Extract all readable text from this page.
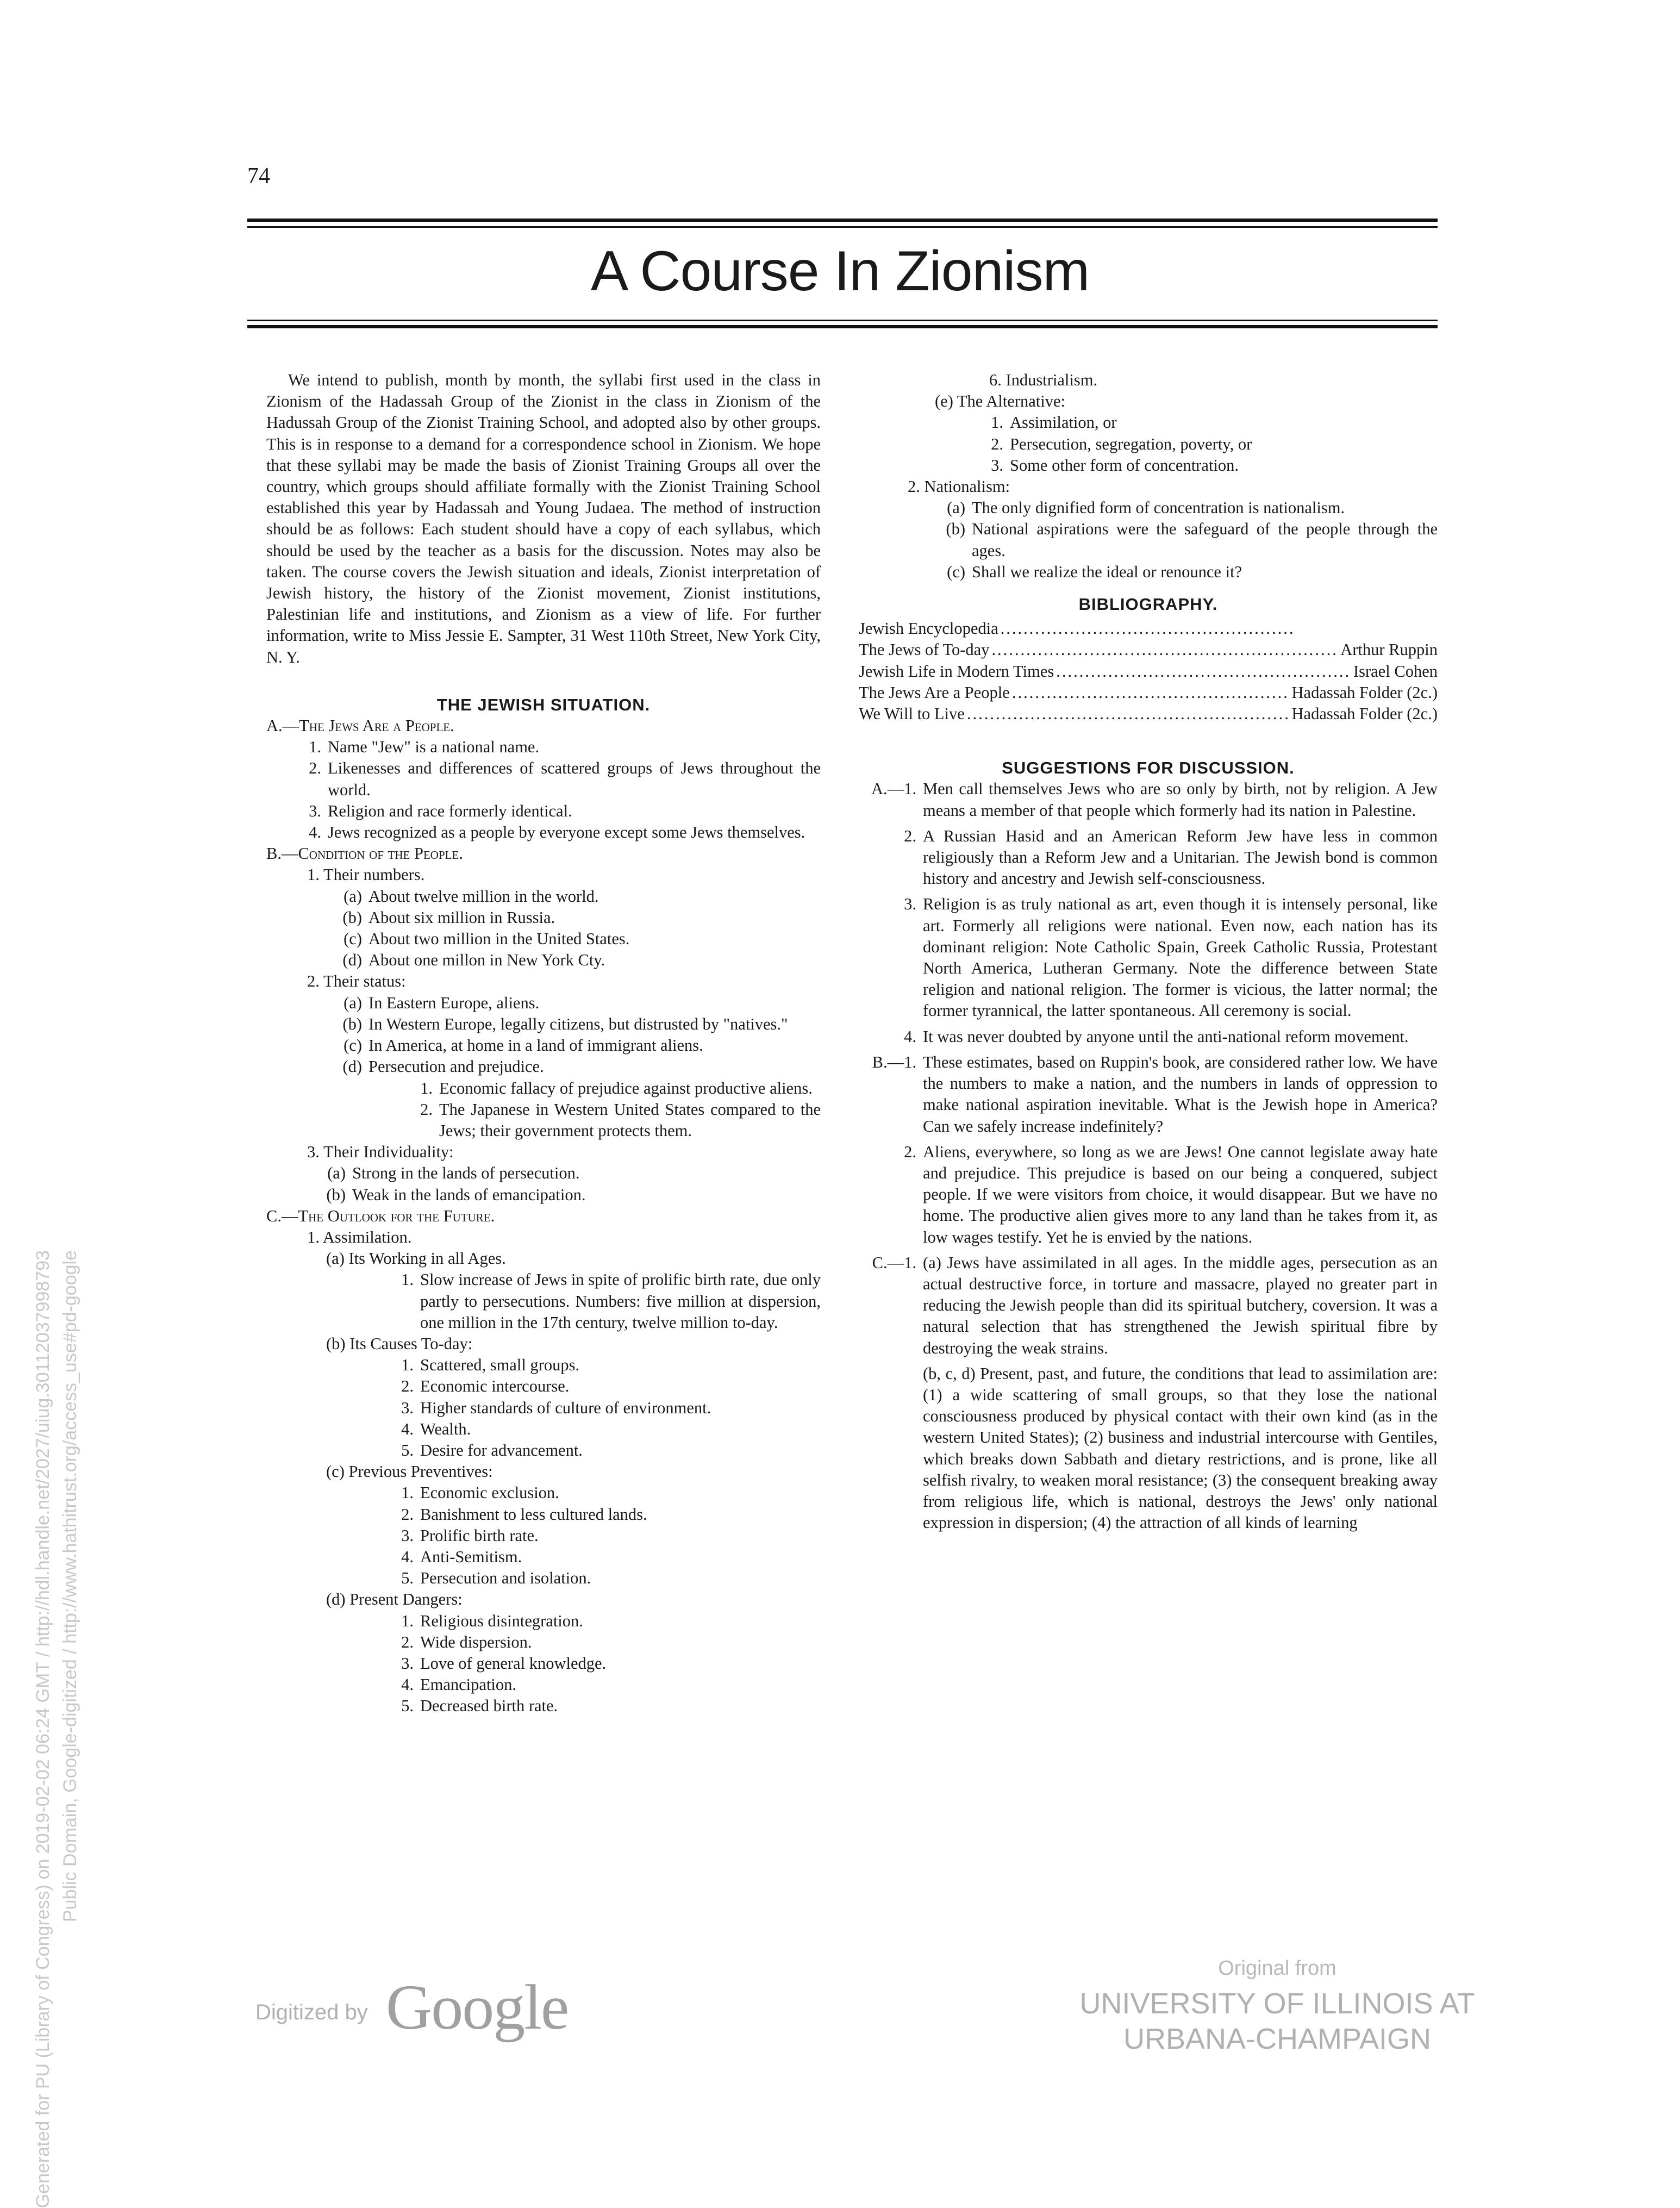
74
A Course In Zionism

We intend to publish, month by month, the syllabi first used in the class in Zionism of the Hadassah Group of the Zionist in the class in Zionism of the Hadussah Group of the Zionist Training School, and adopted also by other groups. This is in response to a demand for a correspondence school in Zionism. We hope that these syllabi may be made the basis of Zionist Training Groups all over the country, which groups should affiliate formally with the Zionist Training School established this year by Hadassah and Young Judaea. The method of instruction should be as follows: Each student should have a copy of each syllabus, which should be used by the teacher as a basis for the discussion. Notes may also be taken. The course covers the Jewish situation and ideals, Zionist interpretation of Jewish history, the history of the Zionist movement, Zionist institutions, Palestinian life and institutions, and Zionism as a view of life. For further information, write to Miss Jessie E. Sampter, 31 West 110th Street, New York City, N. Y.

THE JEWISH SITUATION.
A.—The Jews Are a People.
1. Name "Jew" is a national name.
2. Likenesses and differences of scattered groups of Jews throughout the world.
3. Religion and race formerly identical.
4. Jews recognized as a people by everyone except some Jews themselves.
B.—Condition of the People.
1. Their numbers.
(a) About twelve million in the world.
(b) About six million in Russia.
(c) About two million in the United States.
(d) About one millon in New York Cty.
2. Their status:
(a) In Eastern Europe, aliens.
(b) In Western Europe, legally citizens, but distrusted by "natives."
(c) In America, at home in a land of immigrant aliens.
(d) Persecution and prejudice.
1. Economic fallacy of prejudice against productive aliens.
2. The Japanese in Western United States compared to the Jews; their government protects them.
3. Their Individuality:
(a) Strong in the lands of persecution.
(b) Weak in the lands of emancipation.
C.—The Outlook for the Future.
1. Assimilation.
(a) Its Working in all Ages.
1. Slow increase of Jews in spite of prolific birth rate, due only partly to persecutions. Numbers: five million at dispersion, one million in the 17th century, twelve million to-day.
(b) Its Causes To-day:
1. Scattered, small groups.
2. Economic intercourse.
3. Higher standards of culture of environment.
4. Wealth.
5. Desire for advancement.
(c) Previous Preventives:
1. Economic exclusion.
2. Banishment to less cultured lands.
3. Prolific birth rate.
4. Anti-Semitism.
5. Persecution and isolation.
(d) Present Dangers:
1. Religious disintegration.
2. Wide dispersion.
3. Love of general knowledge.
4. Emancipation.
5. Decreased birth rate.
6. Industrialism.
(e) The Alternative:
1. Assimilation, or
2. Persecution, segregation, poverty, or
3. Some other form of concentration.
2. Nationalism:
(a) The only dignified form of concentration is nationalism.
(b) National aspirations were the safeguard of the people through the ages.
(c) Shall we realize the ideal or renounce it?
BIBLIOGRAPHY.
Jewish Encyclopedia
.....
The Jews of To-day .....	Arthur Ruppin
Jewish Life in Modern Times .....	Israel Cohen
The Jews Are a People .....	Hadassah Folder (2c.)
We Will to Live .....	Hadassah Folder (2c.)
SUGGESTIONS FOR DISCUSSION.
A.—1. Men call themselves Jews who are so only by birth, not by religion. A Jew means a member of that people which formerly had its nation in Palestine.
2. A Russian Hasid and an American Reform Jew have less in common religiously than a Reform Jew and a Unitarian. The Jewish bond is common history and ancestry and Jewish self-consciousness.
3. Religion is as truly national as art, even though it is intensely personal, like art. Formerly all religions were national. Even now, each nation has its dominant religion: Note Catholic Spain, Greek Catholic Russia, Protestant North America, Lutheran Germany. Note the difference between State religion and national religion. The former is vicious, the latter normal; the former tyrannical, the latter spontaneous. All ceremony is social.
4. It was never doubted by anyone until the anti-national reform movement.
B.—1. These estimates, based on Ruppin's book, are considered rather low. We have the numbers to make a nation, and the numbers in lands of oppression to make national aspiration inevitable. What is the Jewish hope in America? Can we safely increase indefinitely?
2. Aliens, everywhere, so long as we are Jews! One cannot legislate away hate and prejudice. This prejudice is based on our being a conquered, subject people. If we were visitors from choice, it would disappear. But we have no home. The productive alien gives more to any land than he takes from it, as low wages testify. Yet he is envied by the nations.
C.—1. (a) Jews have assimilated in all ages. In the middle ages, persecution as an actual destructive force, in torture and massacre, played no greater part in reducing the Jewish people than did its spiritual butchery, coversion. It was a natural selection that has strengthened the Jewish spiritual fibre by destroying the weak strains.
(b, c, d) Present, past, and future, the conditions that lead to assimilation are: (1) a wide scattering of small groups, so that they lose the national consciousness produced by physical contact with their own kind (as in the western United States); (2) business and industrial intercourse with Gentiles, which breaks down Sabbath and dietary restrictions, and is prone, like all selfish rivalry, to weaken moral resistance; (3) the consequent breaking away from religious life, which is national, destroys the Jews' only national expression in dispersion; (4) the attraction of all kinds of learning
Generated for PU (Library of Congress) on 2019-02-02 06:24 GMT / http://hdl.handle.net/2027/uiug.30112037998793 Public Domain, Google-digitized / http://www.hathitrust.org/access_use#pd-google
Digitized by Google
Original from
UNIVERSITY OF ILLINOIS AT
URBANA-CHAMPAIGN
